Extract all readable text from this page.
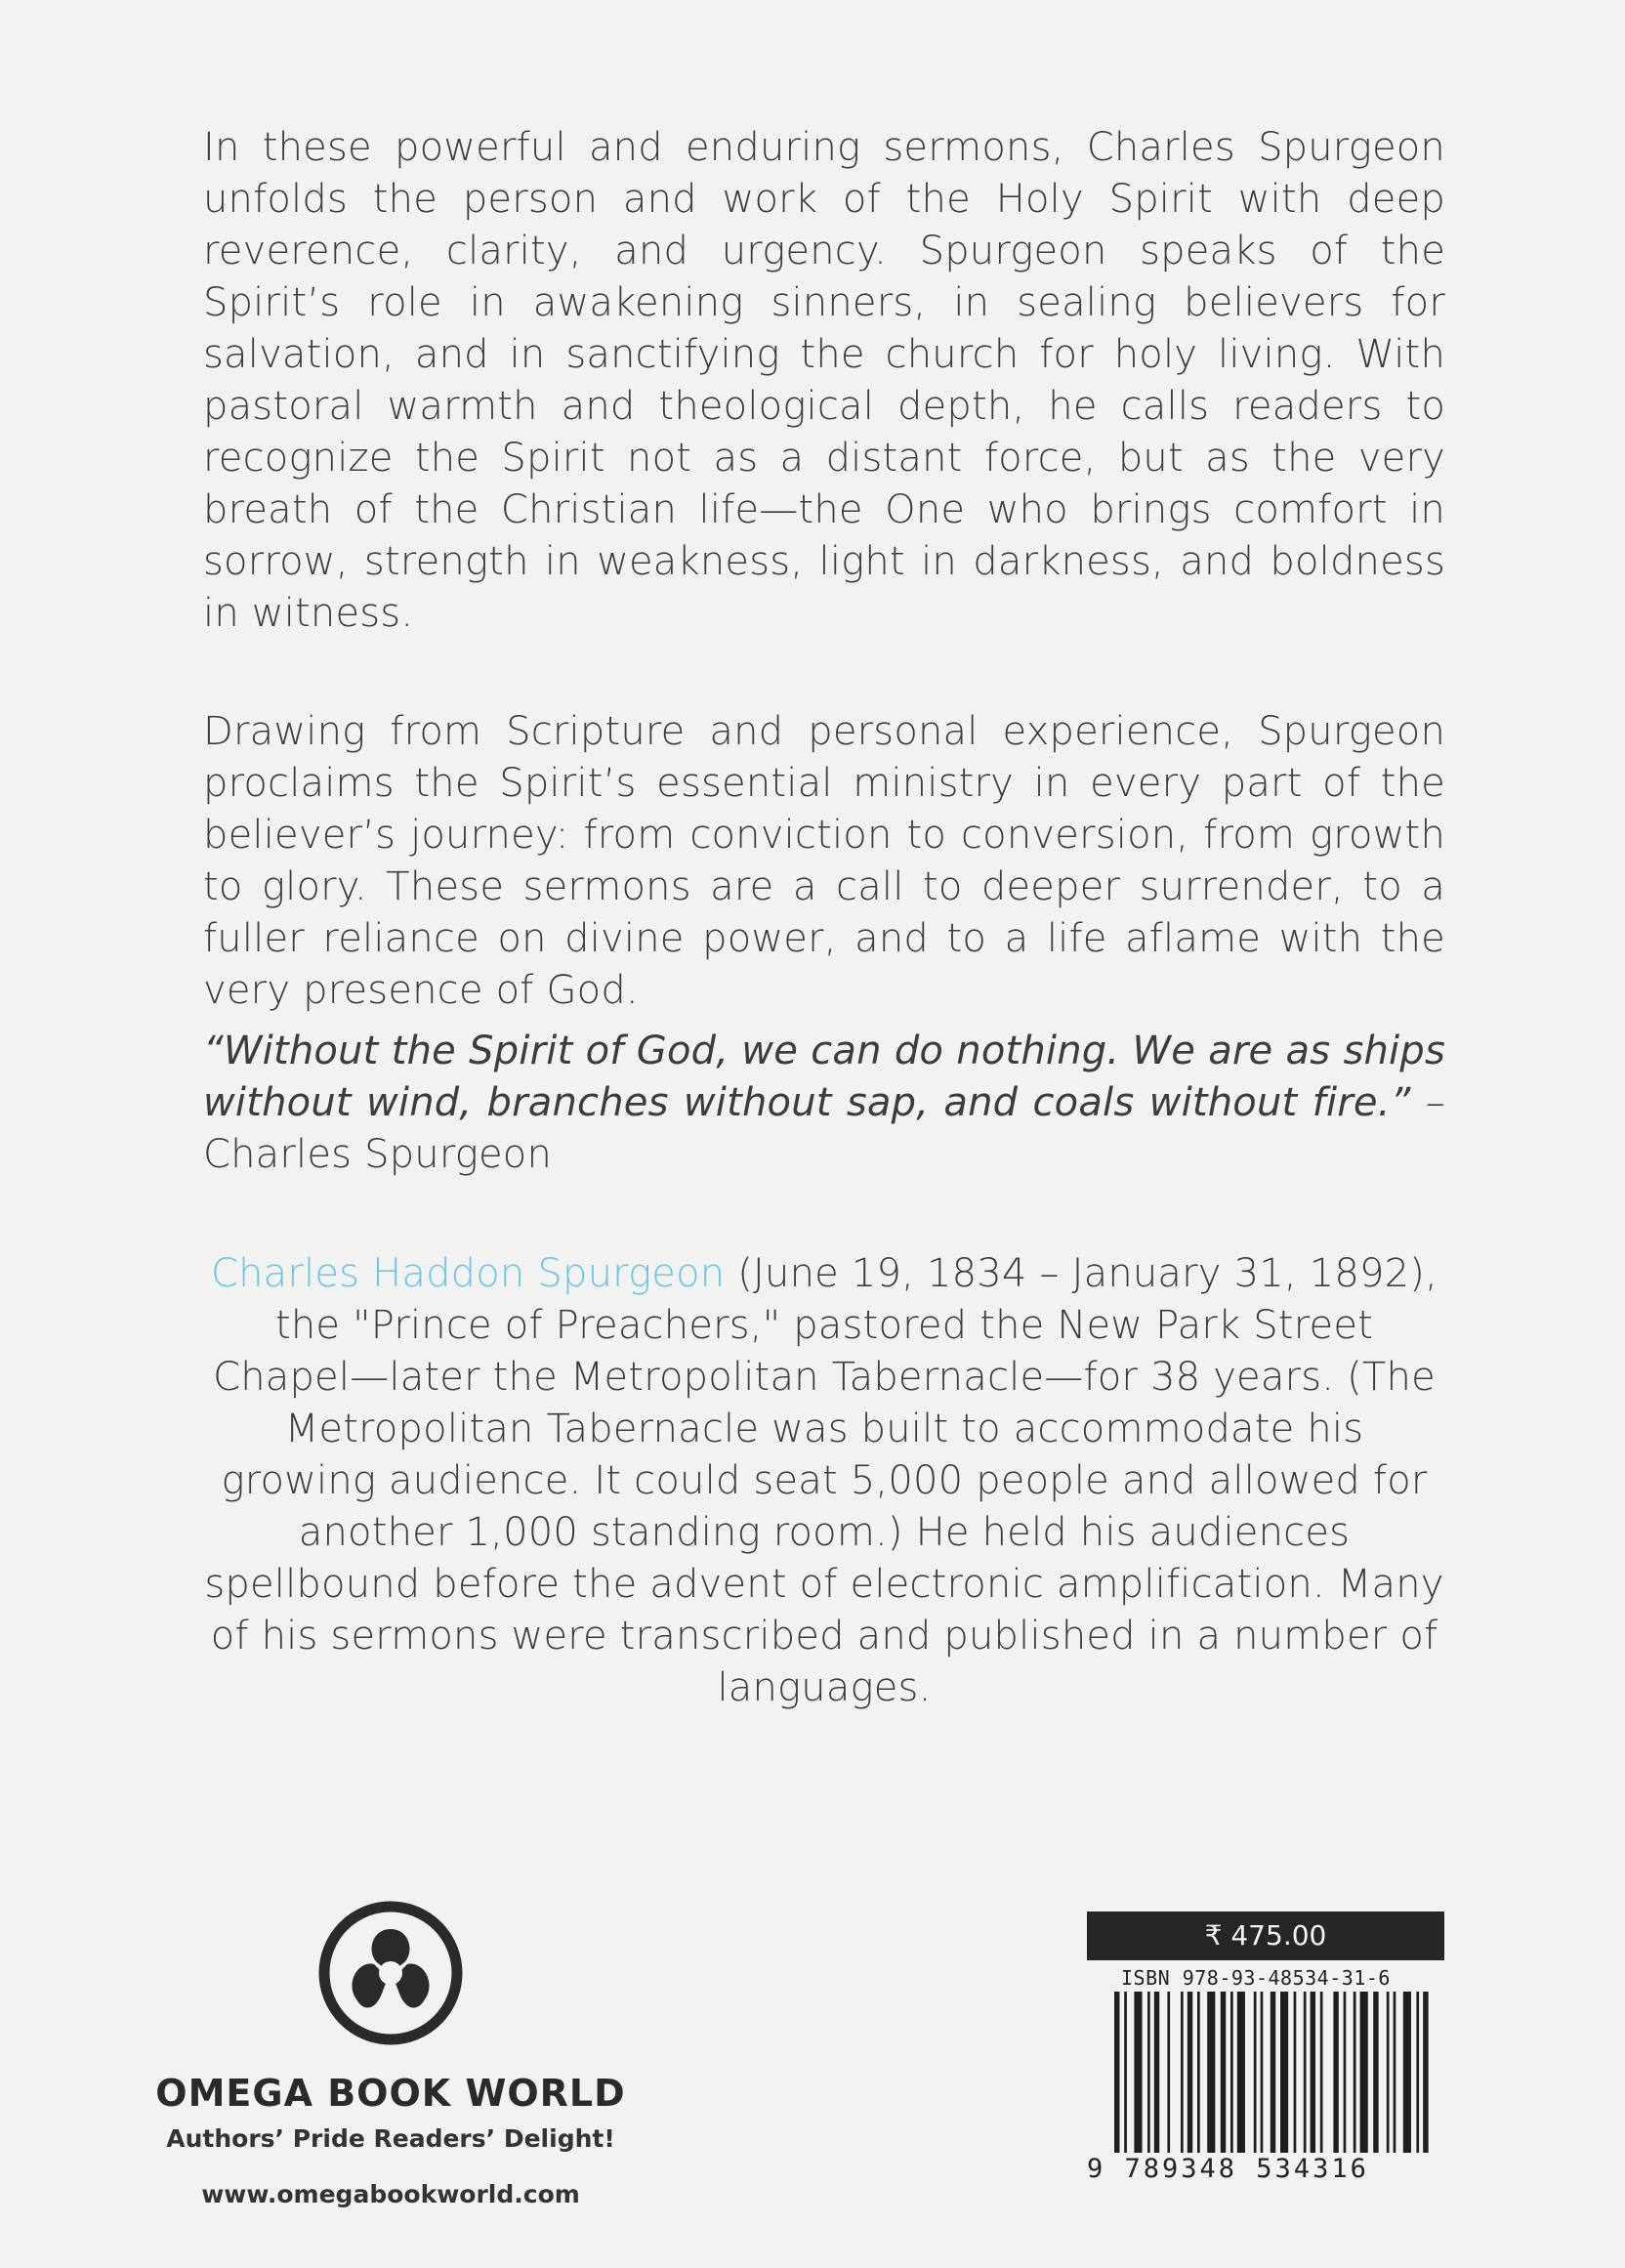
In these powerful and enduring sermons, Charles Spurgeon unfolds the person and work of the Holy Spirit with deep reverence, clarity, and urgency. Spurgeon speaks of the Spirit’s role in awakening sinners, in sealing believers for salvation, and in sanctifying the church for holy living. With pastoral warmth and theological depth, he calls readers to recognize the Spirit not as a distant force, but as the very breath of the Christian life—the One who brings comfort in sorrow, strength in weakness, light in darkness, and boldness in witness.
Drawing from Scripture and personal experience, Spurgeon proclaims the Spirit’s essential ministry in every part of the believer’s journey: from conviction to conversion, from growth to glory. These sermons are a call to deeper surrender, to a fuller reliance on divine power, and to a life aflame with the very presence of God.
“Without the Spirit of God, we can do nothing. We are as ships without wind, branches without sap, and coals without fire.” – Charles Spurgeon
Charles Haddon Spurgeon (June 19, 1834 – January 31, 1892), the "Prince of Preachers," pastored the New Park Street Chapel—later the Metropolitan Tabernacle—for 38 years. (The Metropolitan Tabernacle was built to accommodate his growing audience. It could seat 5,000 people and allowed for another 1,000 standing room.) He held his audiences spellbound before the advent of electronic amplification. Many of his sermons were transcribed and published in a number of languages.
OMEGA BOOK WORLD
Authors’ Pride Readers’ Delight!
www.omegabookworld.com
₹ 475.00
ISBN 978-93-48534-31-6
9 789348 534316
